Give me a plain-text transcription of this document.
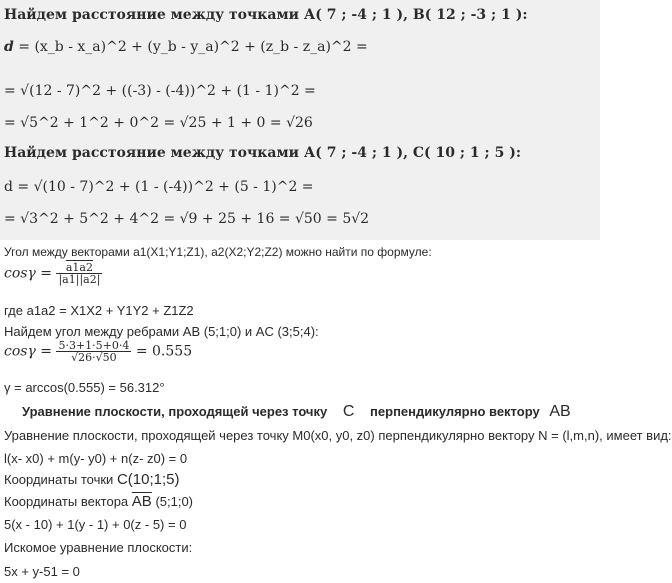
Найдем расстояние между точками А( 7 ; -4 ; 1 ), В( 12 ; -3 ; 1 ):
d = (x_b - x_a)^2 + (y_b - y_a)^2 + (z_b - z_a)^2 =
= √(12 - 7)^2 + ((-3) - (-4))^2 + (1 - 1)^2 =
= √5^2 + 1^2 + 0^2 = √25 + 1 + 0 = √26
Найдем расстояние между точками А( 7 ; -4 ; 1 ), С( 10 ; 1 ; 5 ):
d = √(10 - 7)^2 + (1 - (-4))^2 + (5 - 1)^2 =
= √3^2 + 5^2 + 4^2 = √9 + 25 + 16 = √50 = 5√2
Угол между векторами a1(X1;Y1;Z1), a2(X2;Y2;Z2) можно найти по формуле:
$\cos\gamma = \frac{a1a2}{|a1||a2|}$
где a1a2 = X1X2 + Y1Y2 + Z1Z2
Найдем угол между ребрами AB (5;1;0) и AC (3;5;4):
$\cos\gamma = \frac{5\cdot 3+1\cdot 5+0\cdot 4}{√26\cdot√50} = 0.555$
γ = arccos(0.555) = 56.312°
Уравнение плоскости, проходящей через точку C перпендикулярно вектору AB
Уравнение плоскости, проходящей через точку M0(x0, y0, z0) перпендикулярно вектору N = (l,m,n), имеет вид:
l(x- x0) + m(y- y0) + n(z- z0) = 0
Координаты точки C(10;1;5)
Координаты вектора $\overline{AB}$ (5;1;0)
5(x - 10) + 1(y - 1) + 0(z - 5) = 0
Искомое уравнение плоскости:
5x + y-51 = 0
